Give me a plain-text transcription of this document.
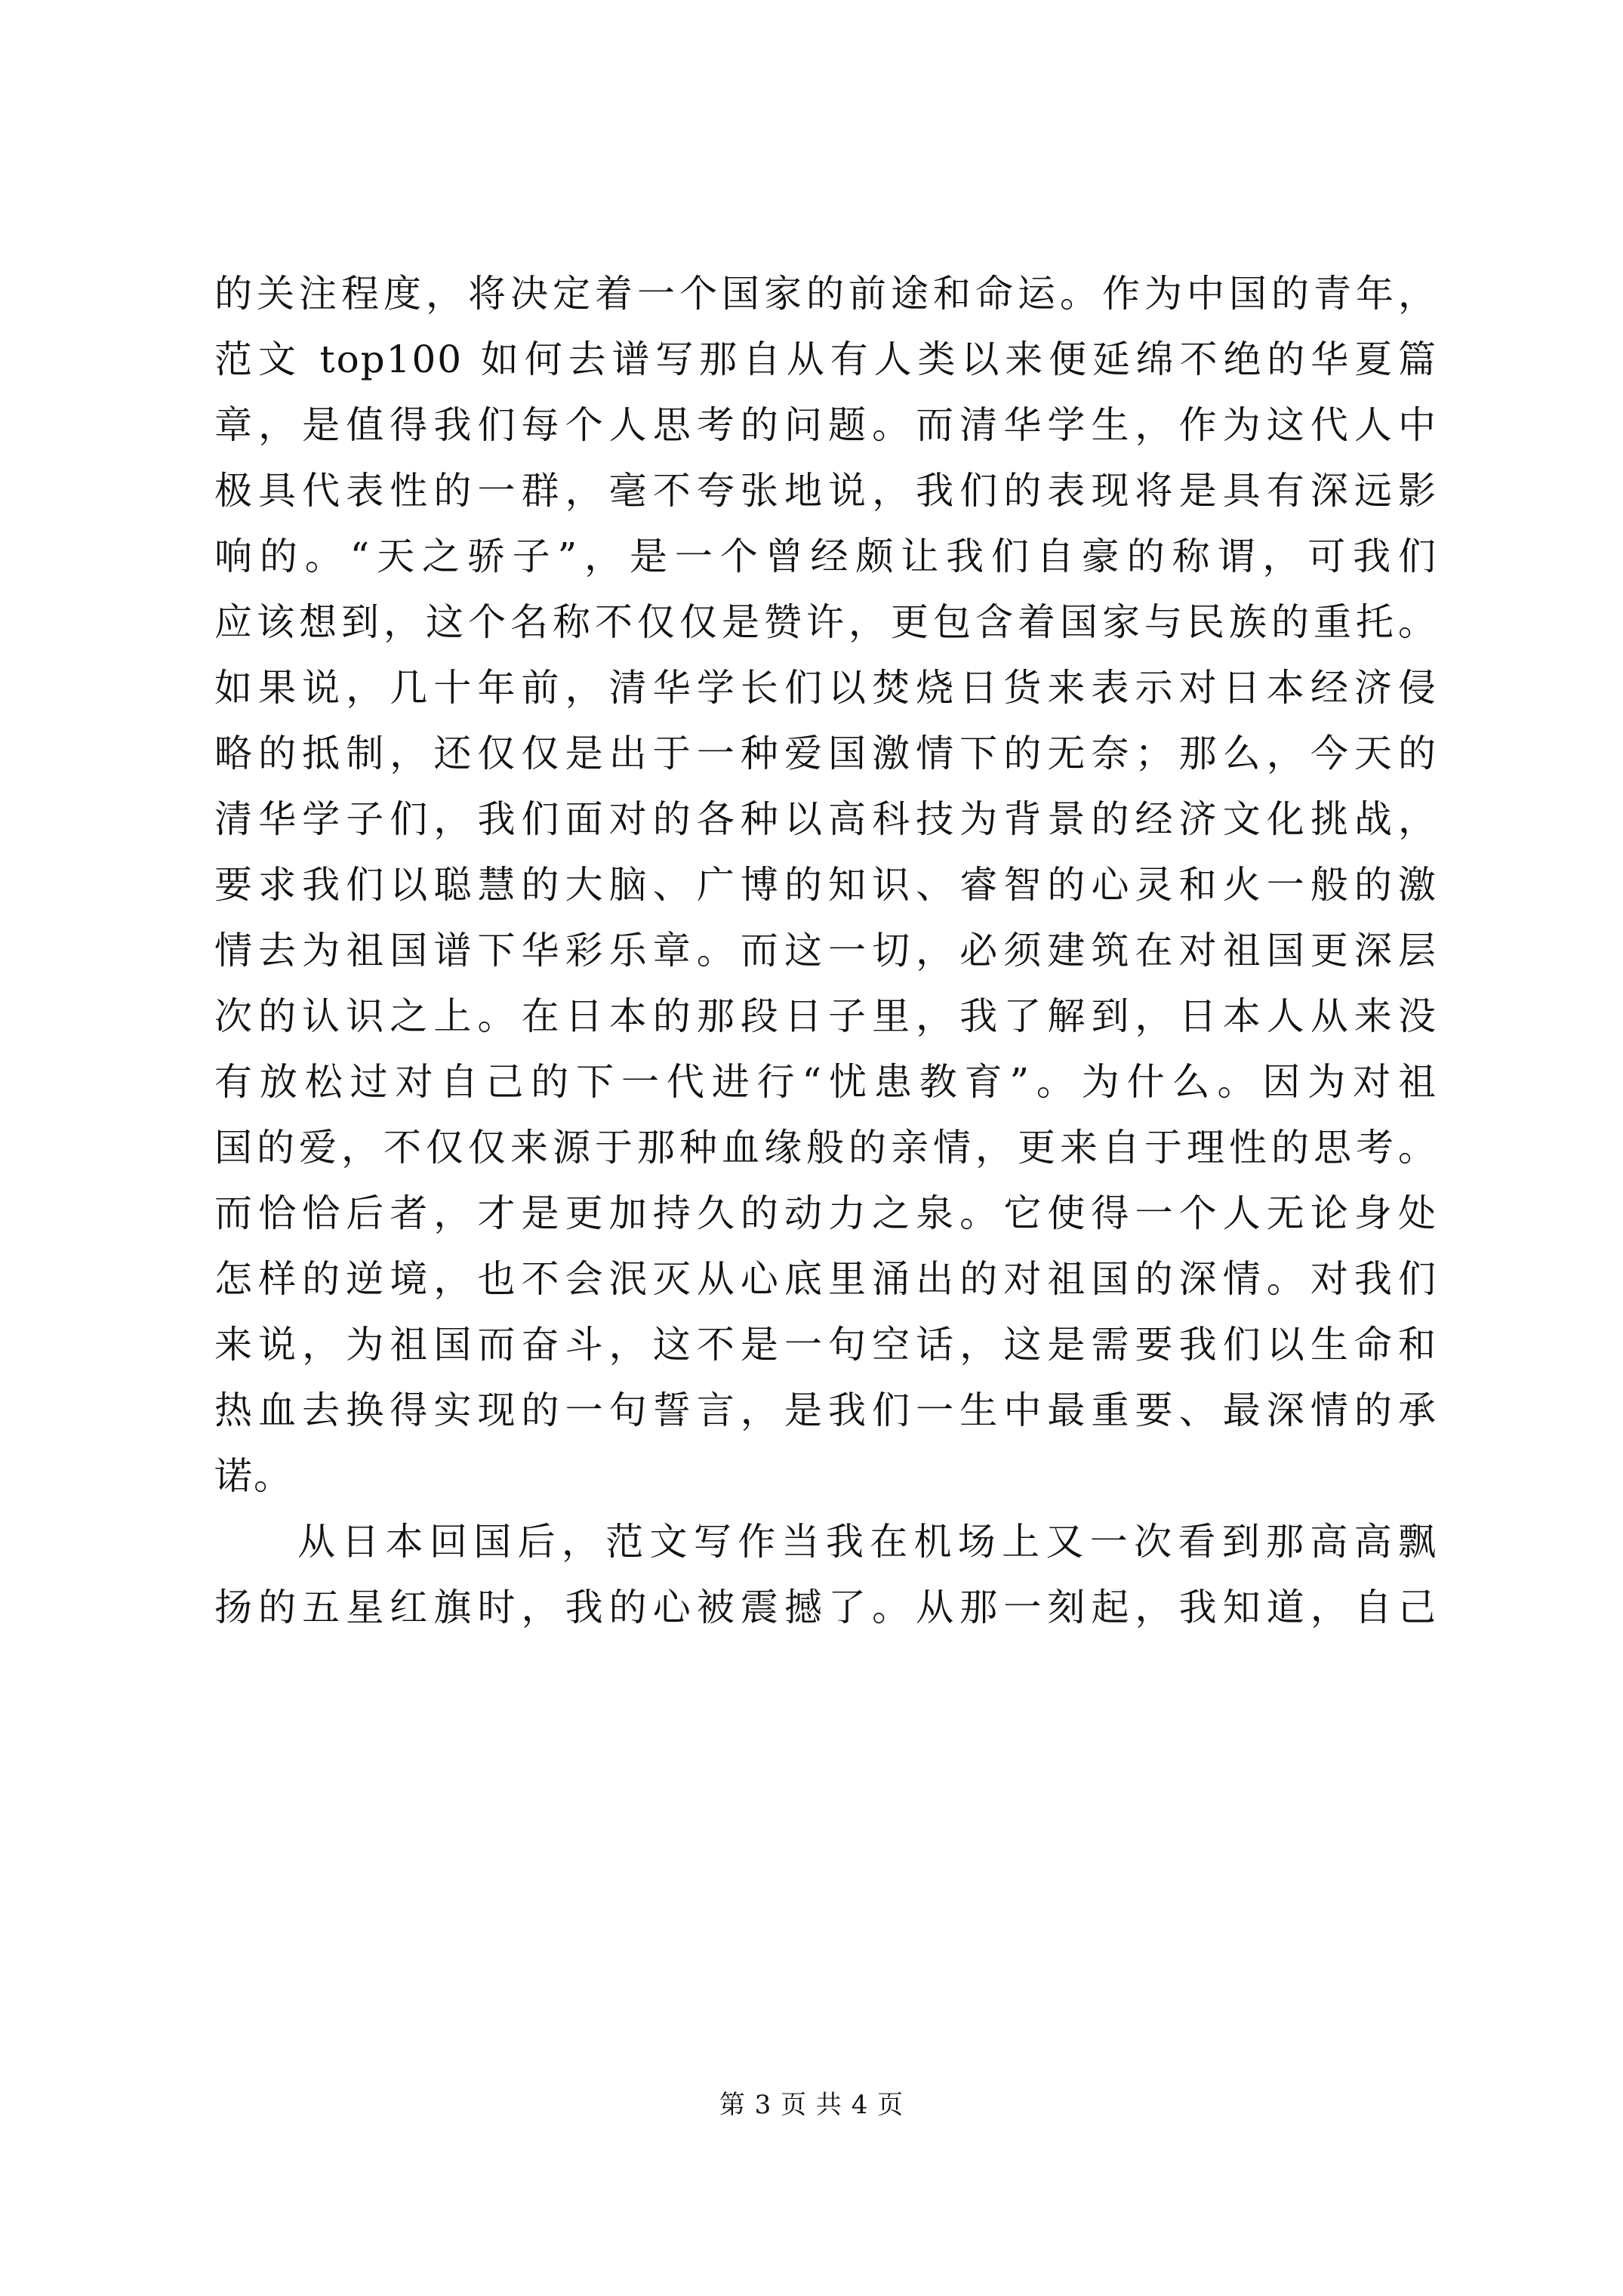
的关注程度，将决定着一个国家的前途和命运。作为中国的青年，

范文 top100 如何去谱写那自从有人类以来便延绵不绝的华夏篇

章，是值得我们每个人思考的问题。而清华学生，作为这代人中

极具代表性的一群，毫不夸张地说，我们的表现将是具有深远影

响的。“天之骄子”，是一个曾经颇让我们自豪的称谓，可我们

应该想到，这个名称不仅仅是赞许，更包含着国家与民族的重托。

如果说，几十年前，清华学长们以焚烧日货来表示对日本经济侵

略的抵制，还仅仅是出于一种爱国激情下的无奈；那么，今天的

清华学子们，我们面对的各种以高科技为背景的经济文化挑战，

要求我们以聪慧的大脑、广博的知识、睿智的心灵和火一般的激

情去为祖国谱下华彩乐章。而这一切，必须建筑在对祖国更深层

次的认识之上。在日本的那段日子里，我了解到，日本人从来没

有放松过对自己的下一代进行“忧患教育”。为什么。因为对祖

国的爱，不仅仅来源于那种血缘般的亲情，更来自于理性的思考。

而恰恰后者，才是更加持久的动力之泉。它使得一个人无论身处

怎样的逆境，也不会泯灭从心底里涌出的对祖国的深情。对我们

来说，为祖国而奋斗，这不是一句空话，这是需要我们以生命和

热血去换得实现的一句誓言，是我们一生中最重要、最深情的承

诺。

从日本回国后，范文写作当我在机场上又一次看到那高高飘

扬的五星红旗时，我的心被震撼了。从那一刻起，我知道，自己

第 3 页 共 4 页
